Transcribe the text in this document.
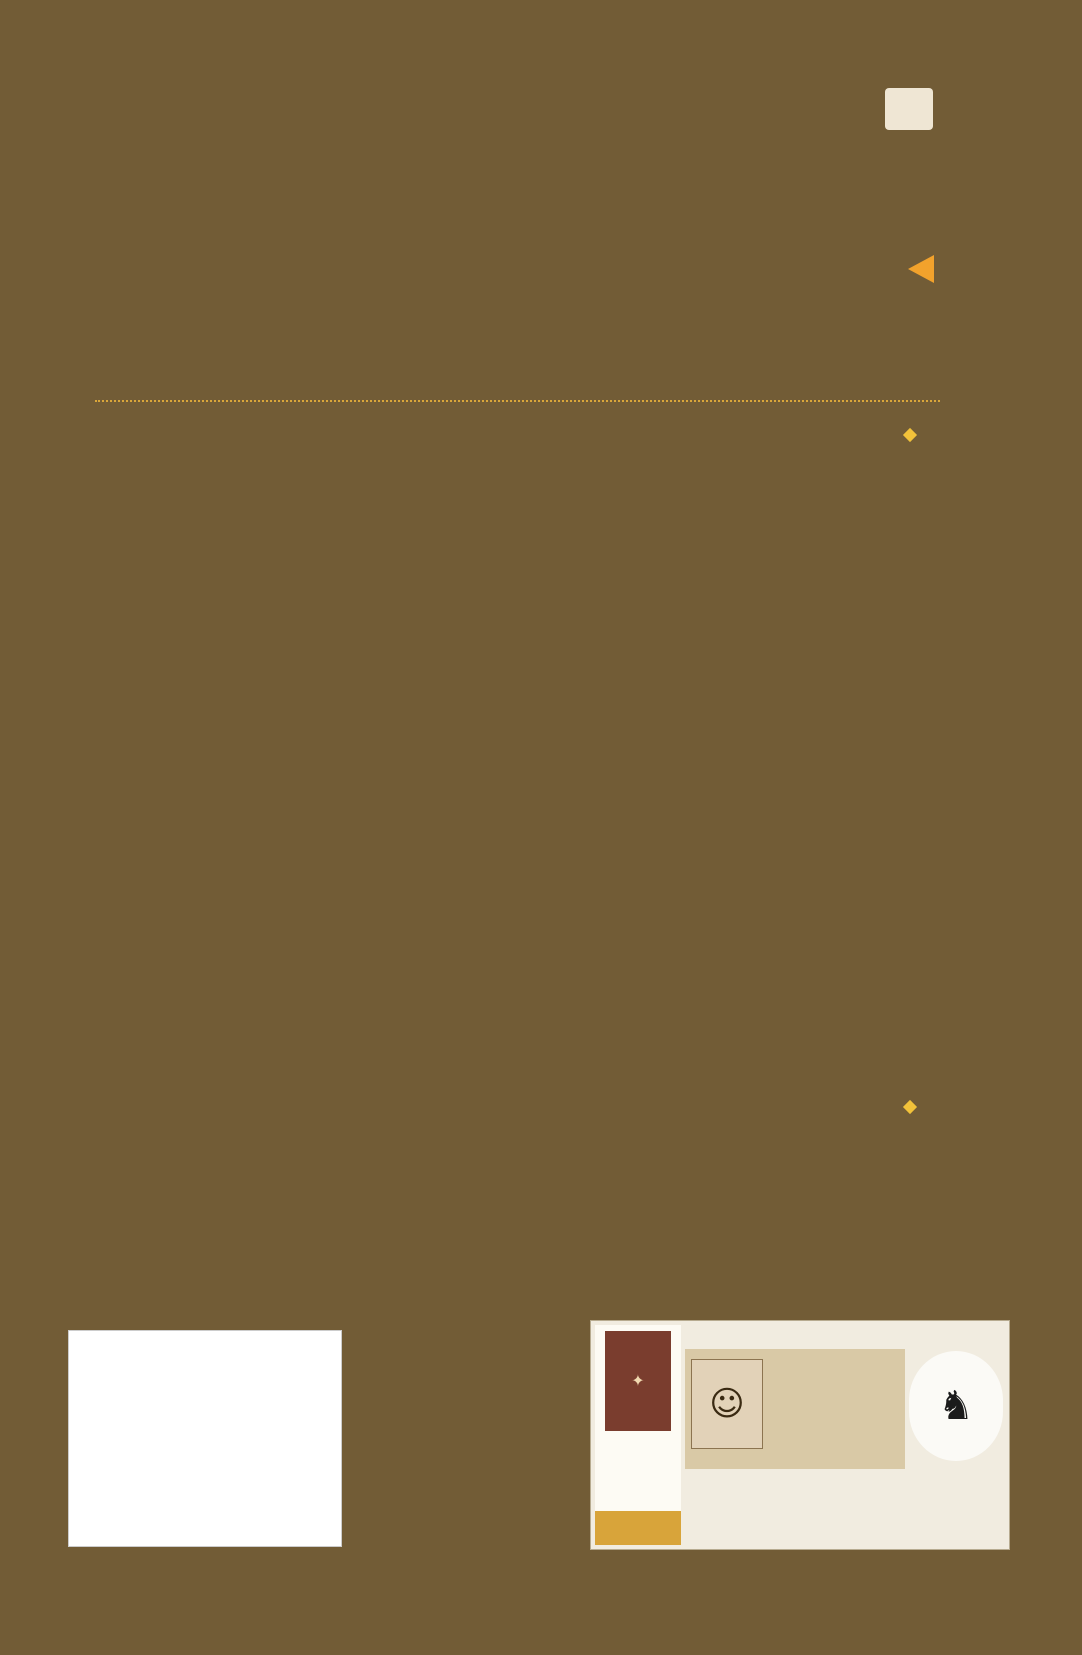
✦
☺	♞
